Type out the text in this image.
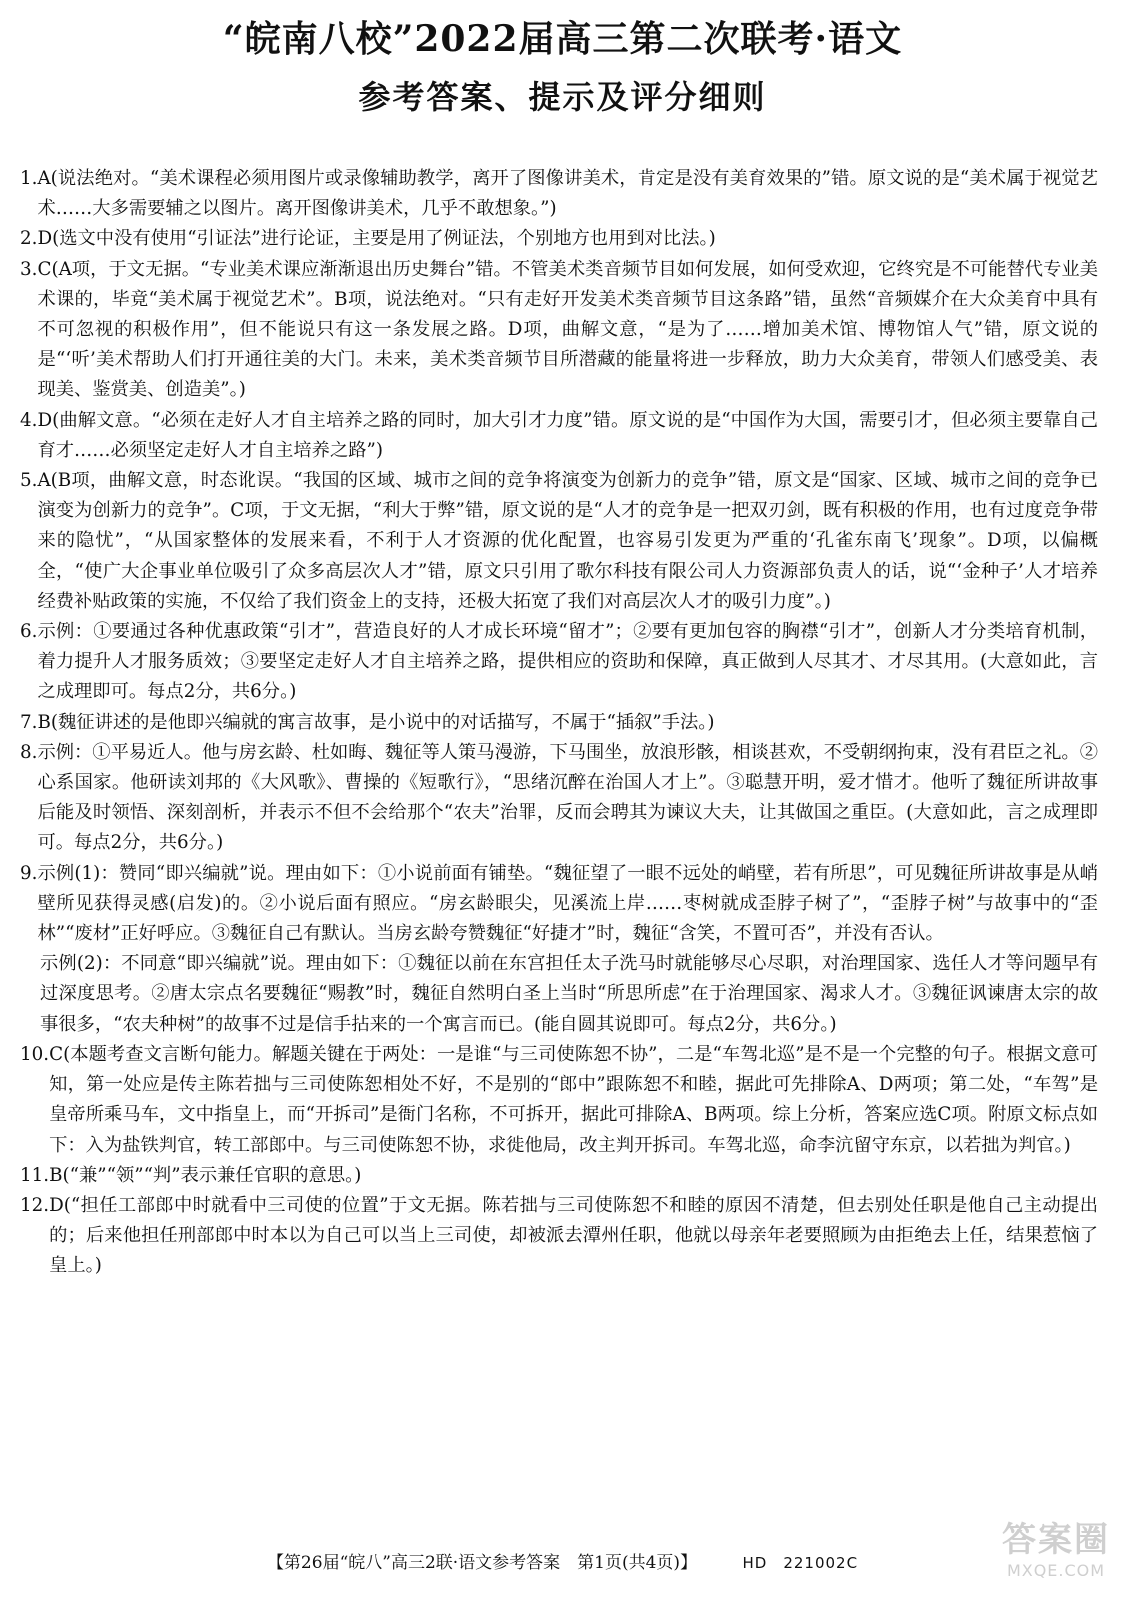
“皖南八校”2022届高三第二次联考·语文
参考答案、提示及评分细则
1. A(说法绝对。“美术课程必须用图片或录像辅助教学，离开了图像讲美术，肯定是没有美育效果的”错。原文说的是“美术属于视觉艺术……大多需要辅之以图片。离开图像讲美术，几乎不敢想象。”)
2. D(选文中没有使用“引证法”进行论证，主要是用了例证法，个别地方也用到对比法。)
3. C(A项，于文无据。“专业美术课应渐渐退出历史舞台”错。不管美术类音频节目如何发展，如何受欢迎，它终究是不可能替代专业美术课的，毕竟“美术属于视觉艺术”。B项，说法绝对。“只有走好开发美术类音频节目这条路”错，虽然“音频媒介在大众美育中具有不可忽视的积极作用”，但不能说只有这一条发展之路。D项，曲解文意，“是为了……增加美术馆、博物馆人气”错，原文说的是“‘听’美术帮助人们打开通往美的大门。未来，美术类音频节目所潜藏的能量将进一步释放，助力大众美育，带领人们感受美、表现美、鉴赏美、创造美”。)
4. D(曲解文意。“必须在走好人才自主培养之路的同时，加大引才力度”错。原文说的是“中国作为大国，需要引才，但必须主要靠自己育才……必须坚定走好人才自主培养之路”)
5. A(B项，曲解文意，时态讹误。“我国的区域、城市之间的竞争将演变为创新力的竞争”错，原文是“国家、区域、城市之间的竞争已演变为创新力的竞争”。C项，于文无据，“利大于弊”错，原文说的是“人才的竞争是一把双刃剑，既有积极的作用，也有过度竞争带来的隐忧”，“从国家整体的发展来看，不利于人才资源的优化配置，也容易引发更为严重的‘孔雀东南飞’现象”。D项，以偏概全，“使广大企事业单位吸引了众多高层次人才”错，原文只引用了歌尔科技有限公司人力资源部负责人的话，说“‘金种子’人才培养经费补贴政策的实施，不仅给了我们资金上的支持，还极大拓宽了我们对高层次人才的吸引力度”。)
6. 示例：①要通过各种优惠政策“引才”，营造良好的人才成长环境“留才”；②要有更加包容的胸襟“引才”，创新人才分类培育机制，着力提升人才服务质效；③要坚定走好人才自主培养之路，提供相应的资助和保障，真正做到人尽其才、才尽其用。(大意如此，言之成理即可。每点2分，共6分。)
7. B(魏征讲述的是他即兴编就的寓言故事，是小说中的对话描写，不属于“插叙”手法。)
8. 示例：①平易近人。他与房玄龄、杜如晦、魏征等人策马漫游，下马围坐，放浪形骸，相谈甚欢，不受朝纲拘束，没有君臣之礼。②心系国家。他研读刘邦的《大风歌》、曹操的《短歌行》，“思绪沉醉在治国人才上”。③聪慧开明，爱才惜才。他听了魏征所讲故事后能及时领悟、深刻剖析，并表示不但不会给那个“农夫”治罪，反而会聘其为谏议大夫，让其做国之重臣。(大意如此，言之成理即可。每点2分，共6分。)
9. 示例(1)：赞同“即兴编就”说。理由如下：①小说前面有铺垫。“魏征望了一眼不远处的峭壁，若有所思”，可见魏征所讲故事是从峭壁所见获得灵感(启发)的。②小说后面有照应。“房玄龄眼尖，见溪流上岸……枣树就成歪脖子树了”，“歪脖子树”与故事中的“歪林”“废材”正好呼应。③魏征自己有默认。当房玄龄夸赞魏征“好捷才”时，魏征“含笑，不置可否”，并没有否认。
示例(2)：不同意“即兴编就”说。理由如下：①魏征以前在东宫担任太子洗马时就能够尽心尽职，对治理国家、选任人才等问题早有过深度思考。②唐太宗点名要魏征“赐教”时，魏征自然明白圣上当时“所思所虑”在于治理国家、渴求人才。③魏征讽谏唐太宗的故事很多，“农夫种树”的故事不过是信手拈来的一个寓言而已。(能自圆其说即可。每点2分，共6分。)
10. C(本题考查文言断句能力。解题关键在于两处：一是谁“与三司使陈恕不协”，二是“车驾北巡”是不是一个完整的句子。根据文意可知，第一处应是传主陈若拙与三司使陈恕相处不好，不是别的“郎中”跟陈恕不和睦，据此可先排除A、D两项；第二处，“车驾”是皇帝所乘马车，文中指皇上，而“开拆司”是衙门名称，不可拆开，据此可排除A、B两项。综上分析，答案应选C项。附原文标点如下：入为盐铁判官，转工部郎中。与三司使陈恕不协，求徙他局，改主判开拆司。车驾北巡，命李沆留守东京，以若拙为判官。)
11. B(“兼”“领”“判”表示兼任官职的意思。)
12. D(“担任工部郎中时就看中三司使的位置”于文无据。陈若拙与三司使陈恕不和睦的原因不清楚，但去别处任职是他自己主动提出的；后来他担任刑部郎中时本以为自己可以当上三司使，却被派去潭州任职，他就以母亲年老要照顾为由拒绝去上任，结果惹恼了皇上。)
【第26届“皖八”高三2联·语文参考答案　第1页(共4页)】	HD　221002C
答案圈
MXQE.COM
